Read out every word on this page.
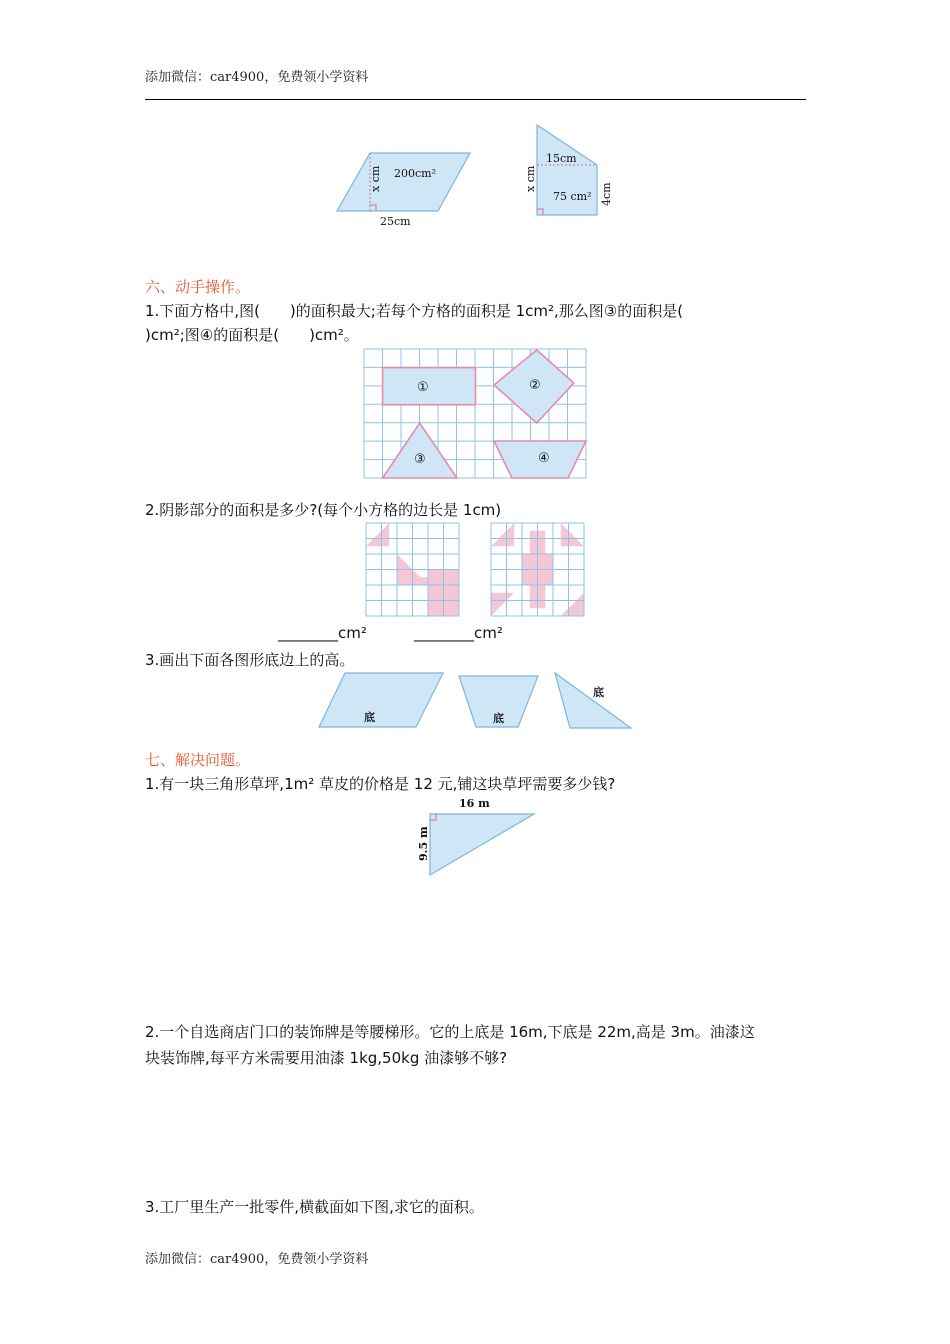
添加微信：car4900，免费领小学资料
200cm²
x cm
25cm
15cm
75 cm²
x cm
4cm
六、动手操作。
1.下面方格中,图(　　)的面积最大;若每个方格的面积是 1cm²,那么图③的面积是(
)cm²;图④的面积是(　　)cm²。
①	②
③	④
2.阴影部分的面积是多少?(每个小方格的边长是 1cm)
________cm²	________cm²
3.画出下面各图形底边上的高。
底	底
底
七、解决问题。
1.有一块三角形草坪,1m² 草皮的价格是 12 元,铺这块草坪需要多少钱?
16 m
9.5 m
2.一个自选商店门口的装饰牌是等腰梯形。它的上底是 16m,下底是 22m,高是 3m。油漆这
块装饰牌,每平方米需要用油漆 1kg,50kg 油漆够不够?
3.工厂里生产一批零件,横截面如下图,求它的面积。
添加微信：car4900，免费领小学资料
